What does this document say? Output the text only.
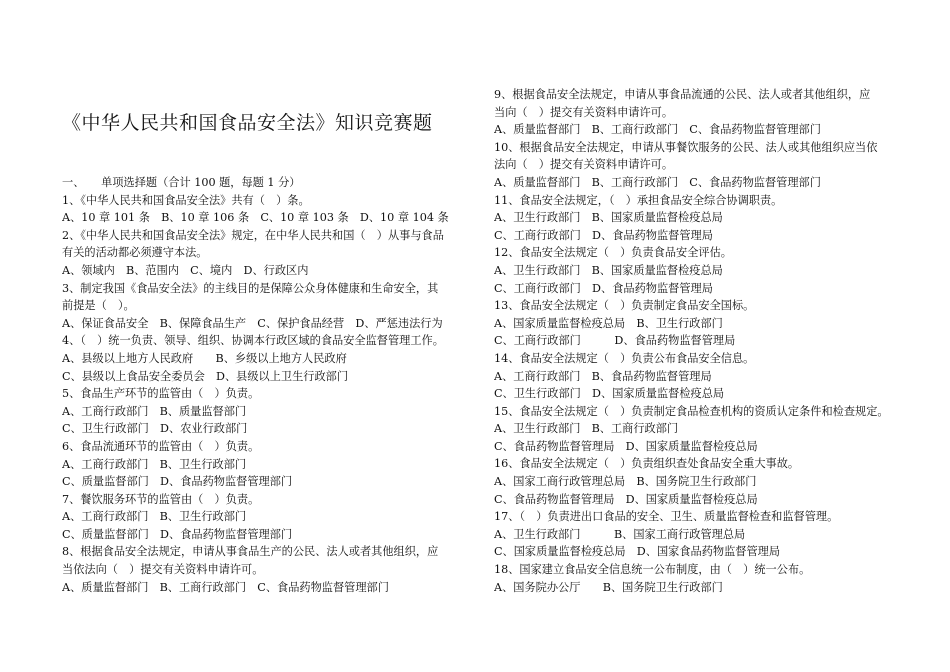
《中华人民共和国食品安全法》知识竞赛题
一、　　单项选择题（合计 100 题，每题 1 分）
1、《中华人民共和国食品安全法》共有（　）条。
A、10 章 101 条　B、10 章 106 条　C、10 章 103 条　D、10 章 104 条
2、《中华人民共和国食品安全法》规定，在中华人民共和国（　）从事与食品
有关的活动都必须遵守本法。
A、领域内　B、范围内　C、境内　D、行政区内
3、制定我国《食品安全法》的主线目的是保障公众身体健康和生命安全，其
前提是（　）。
A、保证食品安全　B、保障食品生产　C、保护食品经营　D、严惩违法行为
4、（　）统一负责、领导、组织、协调本行政区域的食品安全监督管理工作。
A、县级以上地方人民政府　　B、乡级以上地方人民政府
C、县级以上食品安全委员会　D、县级以上卫生行政部门
5、食品生产环节的监管由（　）负责。
A、工商行政部门　B、质量监督部门
C、卫生行政部门　D、农业行政部门
6、食品流通环节的监管由（　）负责。
A、工商行政部门　B、卫生行政部门
C、质量监督部门　D、食品药物监督管理部门
7、餐饮服务环节的监管由（　）负责。
A、工商行政部门　B、卫生行政部门
C、质量监督部门　D、食品药物监督管理部门
8、根据食品安全法规定，申请从事食品生产的公民、法人或者其他组织，应
当依法向（　）提交有关资料申请许可。
A、质量监督部门　B、工商行政部门　C、食品药物监督管理部门
9、根据食品安全法规定，申请从事食品流通的公民、法人或者其他组织，应
当向（　）提交有关资料申请许可。
A、质量监督部门　B、工商行政部门　C、食品药物监督管理部门
10、根据食品安全法规定，申请从事餐饮服务的公民、法人或其他组织应当依
法向（　）提交有关资料申请许可。
A、质量监督部门　B、工商行政部门　C、食品药物监督管理部门
11、食品安全法规定，（　）承担食品安全综合协调职责。
A、卫生行政部门　B、国家质量监督检疫总局
C、工商行政部门　D、食品药物监督管理局
12、食品安全法规定（　）负责食品安全评估。
A、卫生行政部门　B、国家质量监督检疫总局
C、工商行政部门　D、食品药物监督管理局
13、食品安全法规定（　）负责制定食品安全国标。
A、国家质量监督检疫总局　B、卫生行政部门
C、工商行政部门　　　D、食品药物监督管理局
14、食品安全法规定（　）负责公布食品安全信息。
A、工商行政部门　B、食品药物监督管理局
C、卫生行政部门　D、国家质量监督检疫总局
15、食品安全法规定（　）负责制定食品检查机构的资质认定条件和检查规定。
A、卫生行政部门　B、工商行政部门
C、食品药物监督管理局　D、国家质量监督检疫总局
16、食品安全法规定（　）负责组织查处食品安全重大事故。
A、国家工商行政管理总局　B、国务院卫生行政部门
C、食品药物监督管理局　D、国家质量监督检疫总局
17、（　）负责进出口食品的安全、卫生、质量监督检查和监督管理。
A、卫生行政部门　　　B、国家工商行政管理总局
C、国家质量监督检疫总局　D、国家食品药物监督管理局
18、国家建立食品安全信息统一公布制度，由（　）统一公布。
A、国务院办公厅　　B、国务院卫生行政部门
